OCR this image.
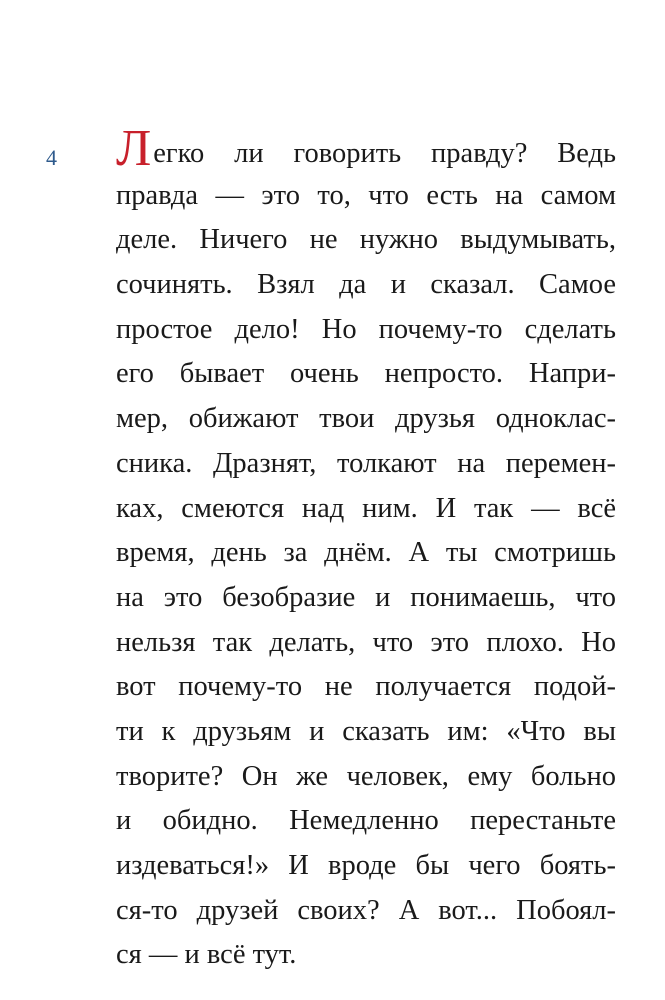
4 Легко ли говорить правду? Ведь
правда — это то, что есть на самом
деле. Ничего не нужно выдумывать,
сочинять. Взял да и сказал. Самое
простое дело! Но почему-то сделать
его бывает очень непросто. Напри-
мер, обижают твои друзья однoклас-
сника. Дразнят, толкают на перемен-
ках, смеются над ним. И так — всё
время, день за днём. А ты смотришь
на это безобразие и понимаешь, что
нельзя так делать, что это плохо. Но
вот почему-то не получается подой-
ти к друзьям и сказать им: «Что вы
творите? Он же человек, ему больно
и обидно. Немедленно перестаньте
издеваться!» И вроде бы чего боять-
ся-то друзей своих? А вот... Побоял-
ся — и всё тут.
